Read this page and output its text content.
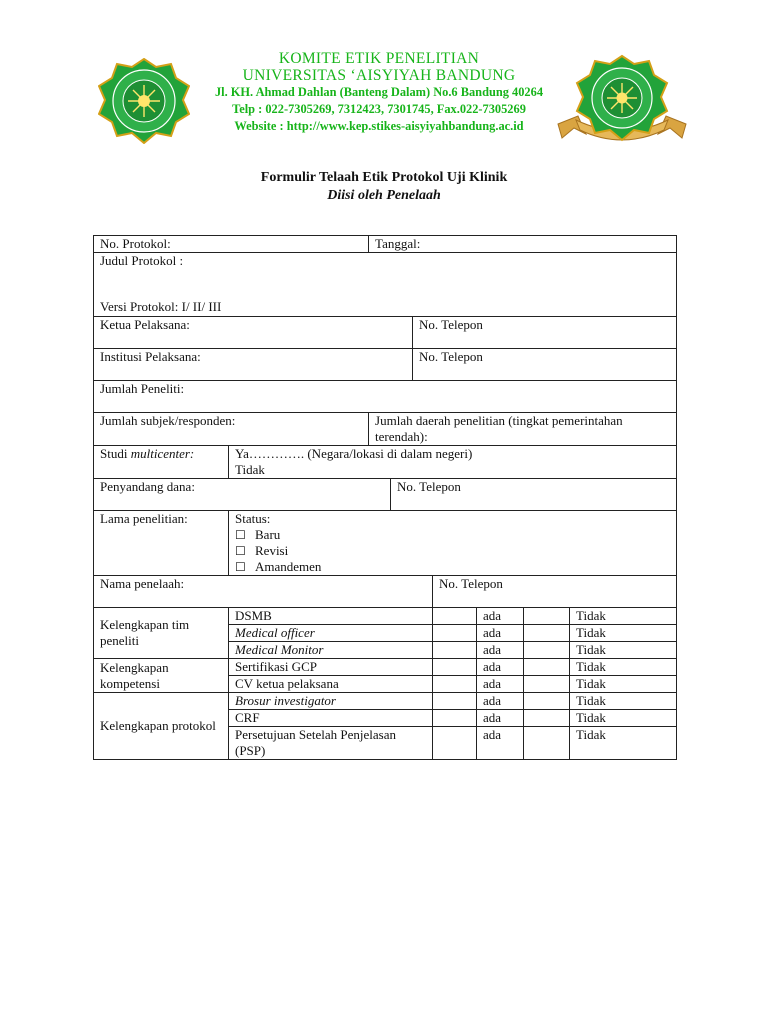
KOMITE ETIK PENELITIAN
UNIVERSITAS ‘AISYIYAH BANDUNG
Jl. KH. Ahmad Dahlan (Banteng Dalam) No.6 Bandung 40264
Telp : 022-7305269, 7312423, 7301745, Fax.022-7305269
Website : http://www.kep.stikes-aisyiyahbandung.ac.id
Formulir Telaah Etik Protokol Uji Klinik
Diisi oleh Penelaah
No. Protokol:		Tanggal:						

Judul Protokol :
Versi Protokol: I/ II/ III								

Ketua Pelaksana:				No. Telepon				
Institusi Pelaksana:				No. Telepon				
Jumlah Peneliti:								
Jumlah subjek/responden:		Jumlah daerah penelitian (tingkat pemerintahan terendah):						
Studi multicenter:	Ya…………. (Negara/lokasi di dalam negeri)
Tidak							

Penyandang dana:			No. Telepon					
Lama penelitian:	Status:
☐ Baru
☐ Revisi
☐ Amandemen							

Nama penelaah:					No. Telepon			
Kelengkapan tim peneliti	DSMB					ada		Tidak
	Medical officer					ada		Tidak
	Medical Monitor					ada		Tidak
Kelengkapan kompetensi	Sertifikasi GCP					ada		Tidak
	CV ketua pelaksana					ada		Tidak
Kelengkapan protokol	Brosur investigator					ada		Tidak
	CRF					ada		Tidak
	Persetujuan Setelah Penjelasan (PSP)					ada		Tidak
